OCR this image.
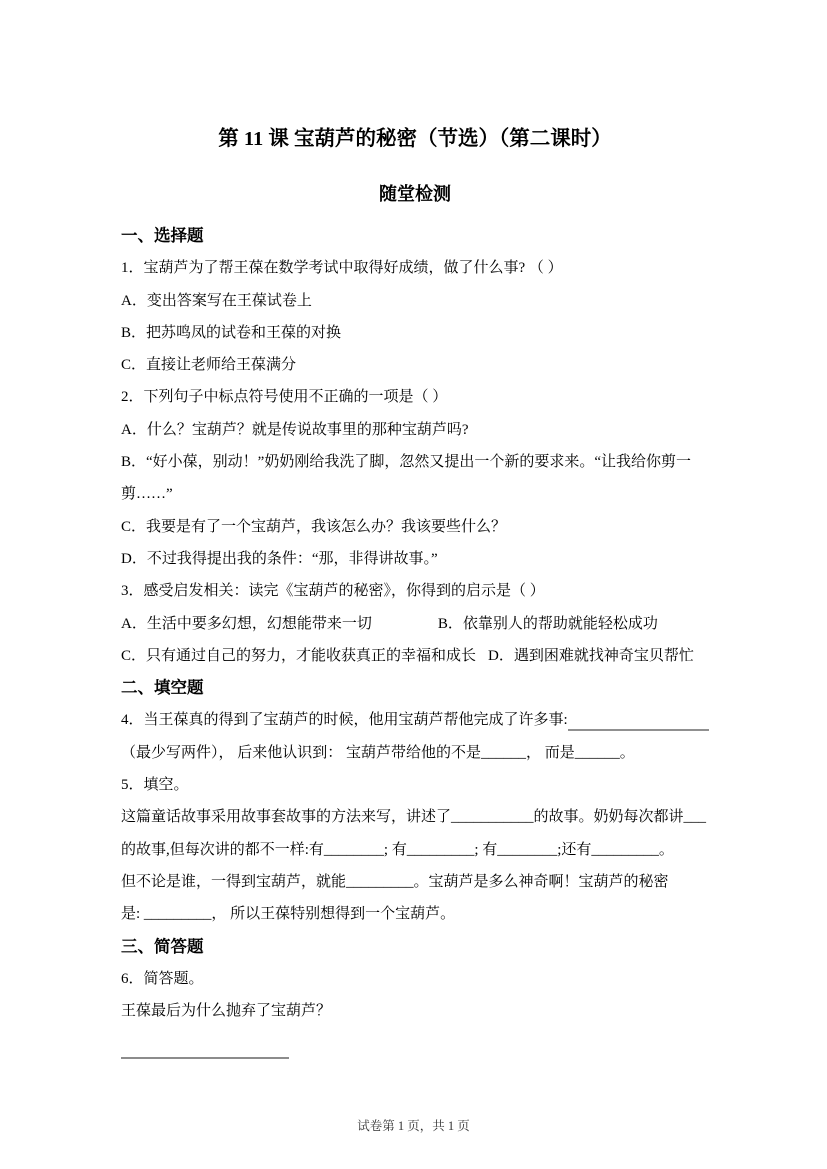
第 11 课 宝葫芦的秘密（节选）（第二课时）
随堂检测
一、选择题
1．宝葫芦为了帮王葆在数学考试中取得好成绩，做了什么事? （ ）
A．变出答案写在王葆试卷上
B．把苏鸣凤的试卷和王葆的对换
C．直接让老师给王葆满分
2．下列句子中标点符号使用不正确的一项是（ ）
A．什么？宝葫芦？就是传说故事里的那种宝葫芦吗?
B．“好小葆，别动！”奶奶刚给我洗了脚，忽然又提出一个新的要求来。“让我给你剪一
剪……”
C．我要是有了一个宝葫芦，我该怎么办？我该要些什么？
D．不过我得提出我的条件：“那，非得讲故事。”
3．感受启发相关：读完《宝葫芦的秘密》，你得到的启示是（ ）
A．生活中要多幻想，幻想能带来一切	B．依靠别人的帮助就能轻松成功
C．只有通过自己的努力，才能收获真正的幸福和成长 D．遇到困难就找神奇宝贝帮忙
二、填空题
4．当王葆真的得到了宝葫芦的时候，他用宝葫芦帮他完成了许多事:
（最少写两件）， 后来他认识到： 宝葫芦带给他的不是______， 而是______。
5．填空。
这篇童话故事采用故事套故事的方法来写，讲述了___________的故事。奶奶每次都讲___
的故事,但每次讲的都不一样:有________; 有_________; 有________;还有_________。
但不论是谁，一得到宝葫芦，就能_________。宝葫芦是多么神奇啊！宝葫芦的秘密
是: _________， 所以王葆特别想得到一个宝葫芦。
三、简答题
6．简答题。
王葆最后为什么抛弃了宝葫芦？
试卷第 1 页，共 1 页
